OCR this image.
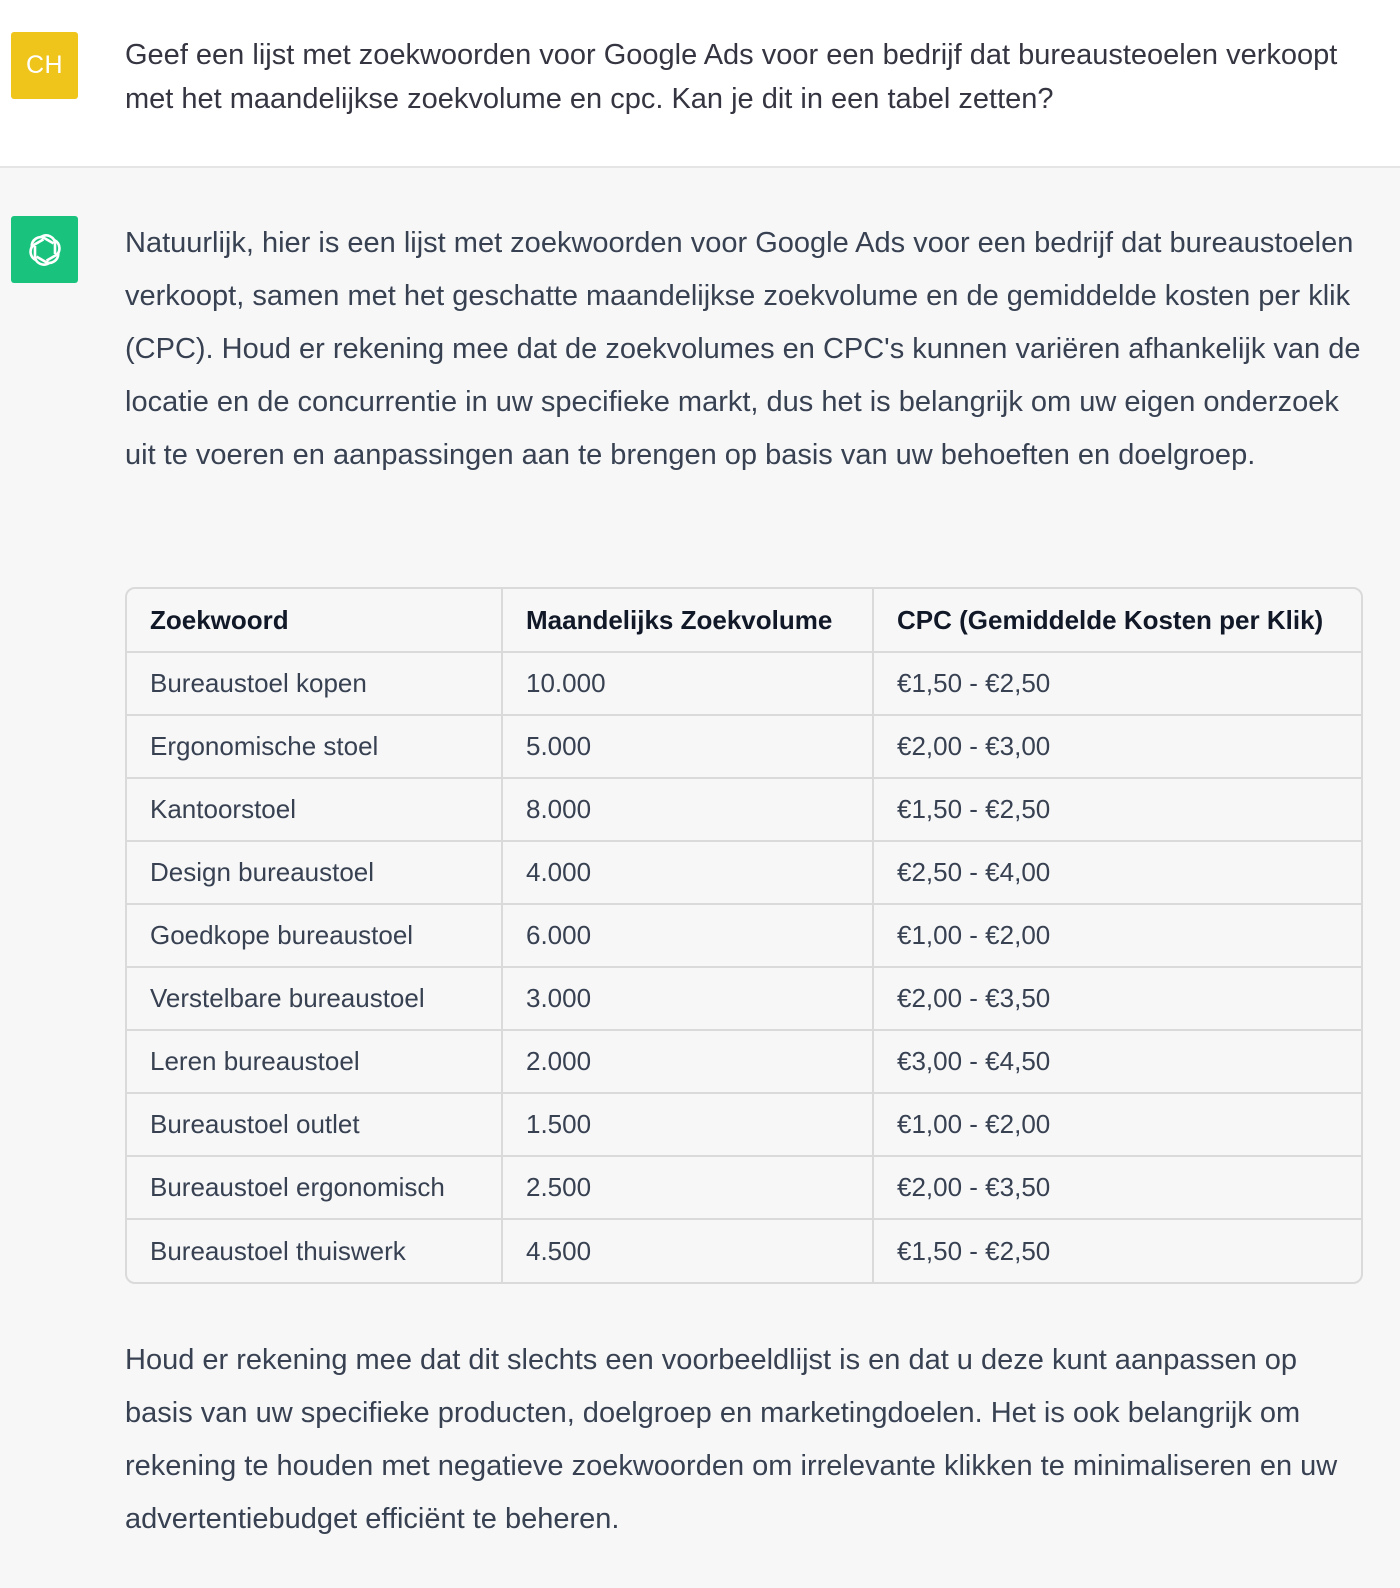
CH	Geef een lijst met zoekwoorden voor Google Ads voor een bedrijf dat bureausteoelen verkoopt met het maandelijkse zoekvolume en cpc. Kan je dit in een tabel zetten?

Natuurlijk, hier is een lijst met zoekwoorden voor Google Ads voor een bedrijf dat bureaustoelen verkoopt, samen met het geschatte maandelijkse zoekvolume en de gemiddelde kosten per klik (CPC). Houd er rekening mee dat de zoekvolumes en CPC's kunnen variëren afhankelijk van de locatie en de concurrentie in uw specifieke markt, dus het is belangrijk om uw eigen onderzoek uit te voeren en aanpassingen aan te brengen op basis van uw behoeften en doelgroep.

Zoekwoord	Maandelijks Zoekvolume	CPC (Gemiddelde Kosten per Klik)
Bureaustoel kopen	10.000	€1,50 - €2,50
Ergonomische stoel	5.000	€2,00 - €3,00
Kantoorstoel	8.000	€1,50 - €2,50
Design bureaustoel	4.000	€2,50 - €4,00
Goedkope bureaustoel	6.000	€1,00 - €2,00
Verstelbare bureaustoel	3.000	€2,00 - €3,50
Leren bureaustoel	2.000	€3,00 - €4,50
Bureaustoel outlet	1.500	€1,00 - €2,00
Bureaustoel ergonomisch	2.500	€2,00 - €3,50
Bureaustoel thuiswerk	4.500	€1,50 - €2,50

Houd er rekening mee dat dit slechts een voorbeeldlijst is en dat u deze kunt aanpassen op basis van uw specifieke producten, doelgroep en marketingdoelen. Het is ook belangrijk om rekening te houden met negatieve zoekwoorden om irrelevante klikken te minimaliseren en uw advertentiebudget efficiënt te beheren.
